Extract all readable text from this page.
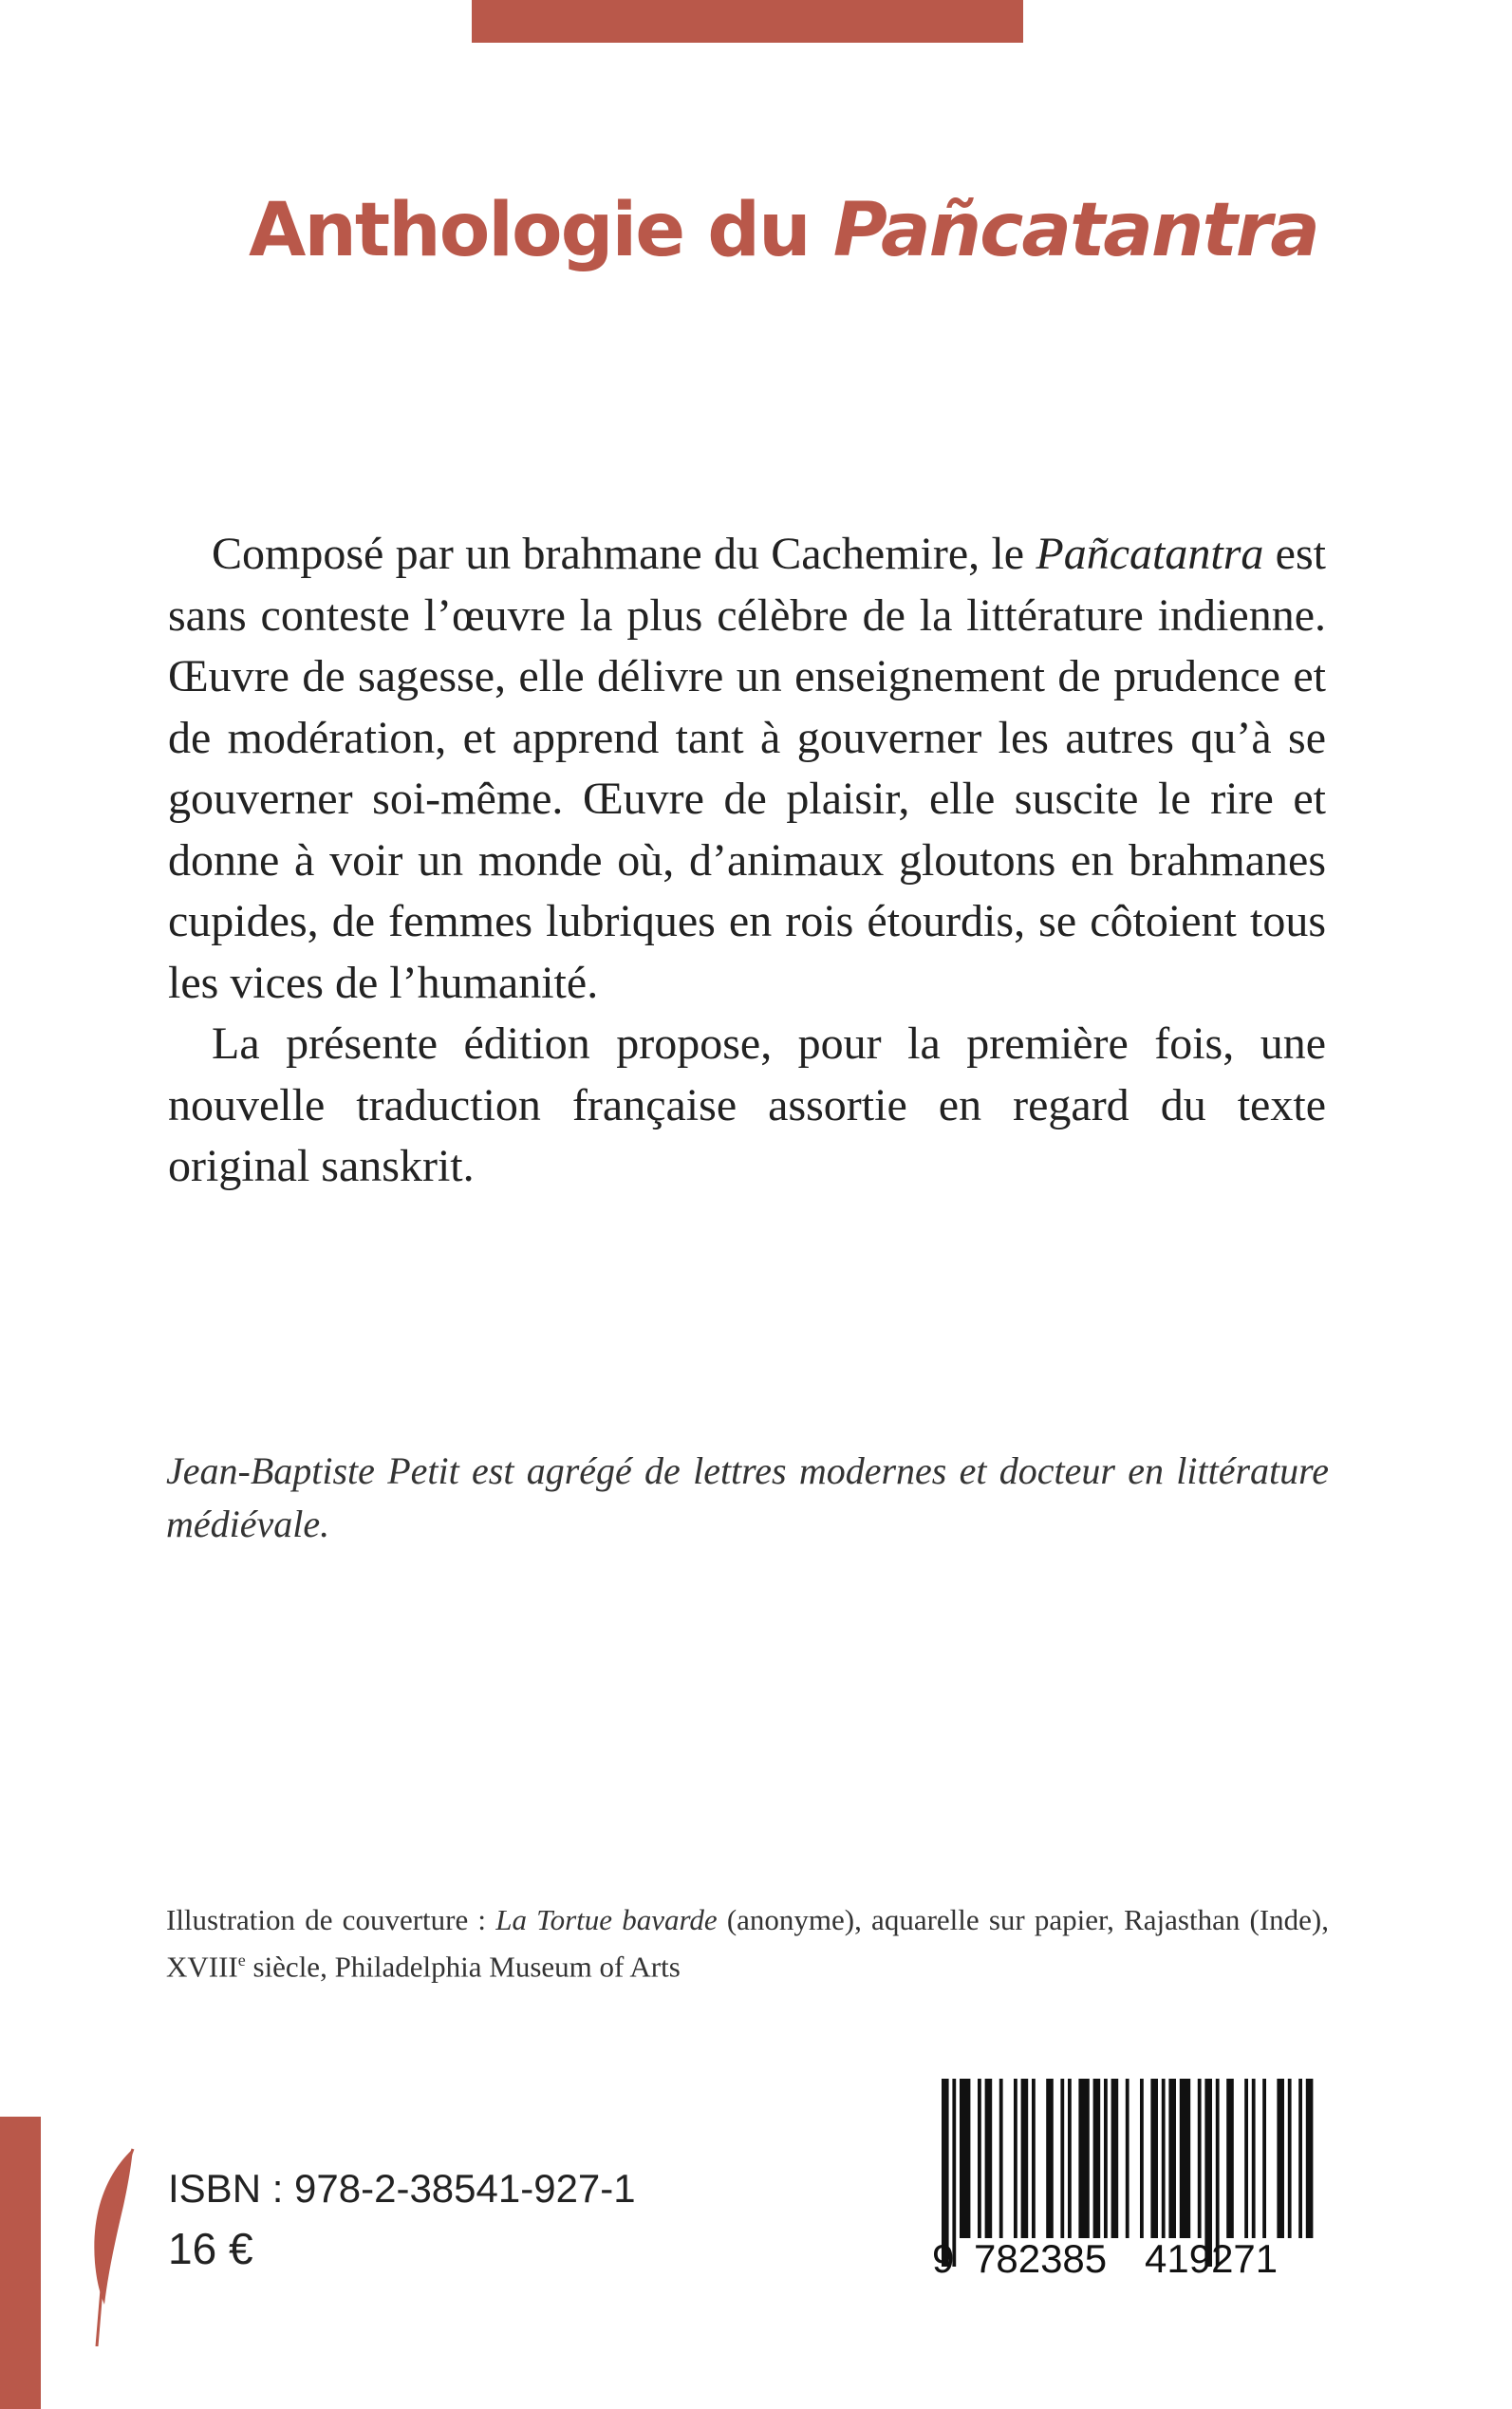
Anthologie du Pañcatantra

Composé par un brahmane du Cachemire, le Pañcatantra est sans conteste l’œuvre la plus célèbre de la littérature indienne. Œuvre de sagesse, elle délivre un enseignement de prudence et de modération, et apprend tant à gouverner les autres qu’à se gouverner soi-même. Œuvre de plaisir, elle suscite le rire et donne à voir un monde où, d’animaux gloutons en brahmanes cupides, de femmes lubriques en rois étourdis, se côtoient tous les vices de l’humanité.

La présente édition propose, pour la première fois, une nouvelle traduction française assortie en regard du texte original sanskrit.

Jean-Baptiste Petit est agrégé de lettres modernes et docteur en littérature médiévale.

Illustration de couverture : La Tortue bavarde (anonyme), aquarelle sur papier, Rajasthan (Inde), XVIIIe siècle, Philadelphia Museum of Arts

ISBN : 978-2-38541-927-1

16 €	9 782385 419271
